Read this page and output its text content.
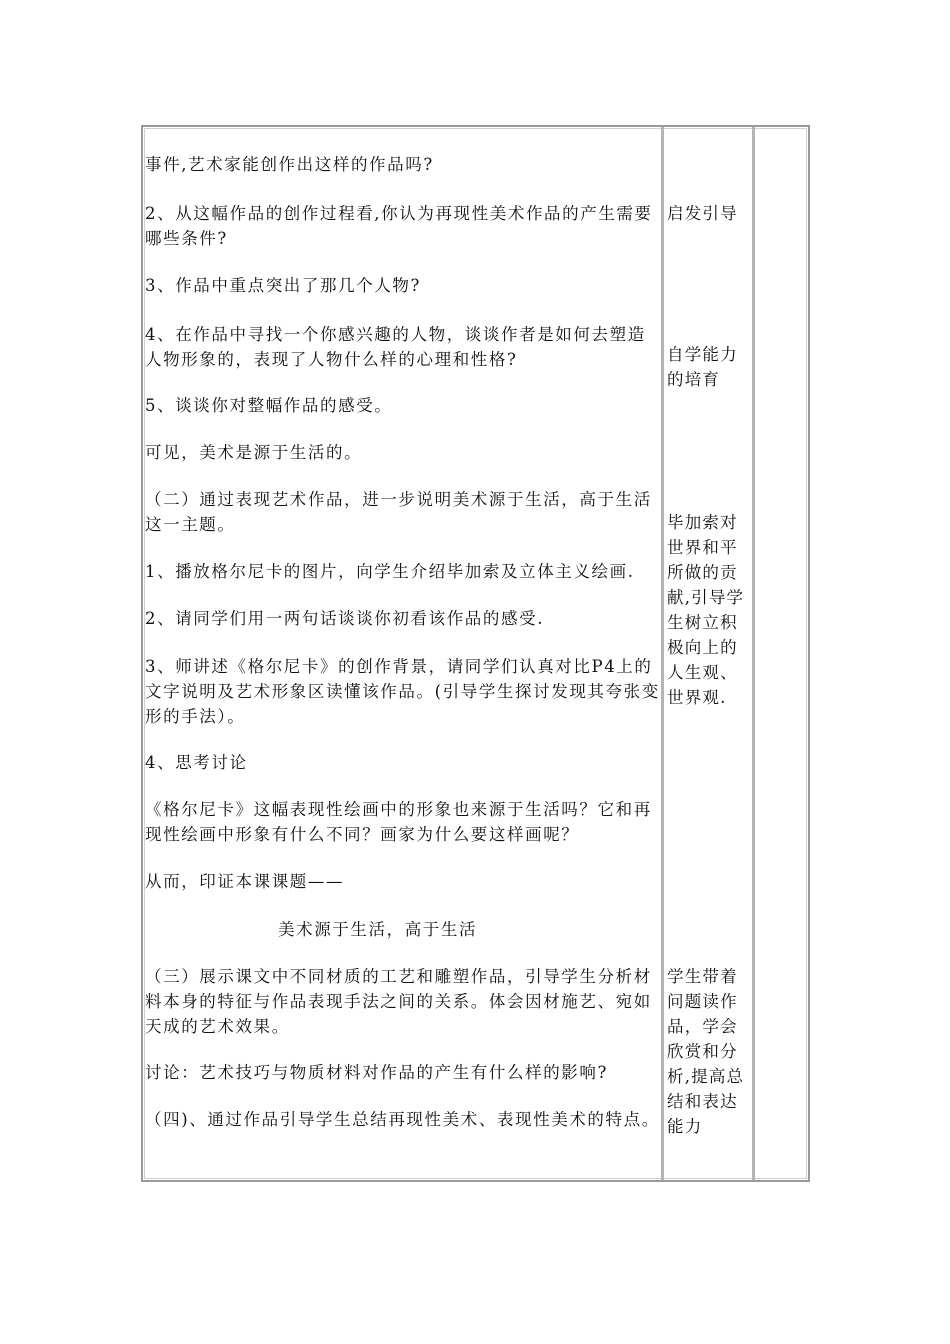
事件,艺术家能创作出这样的作品吗?

2、从这幅作品的创作过程看,你认为再现性美术作品的产生需要哪些条件?

3、作品中重点突出了那几个人物?

4、在作品中寻找一个你感兴趣的人物，谈谈作者是如何去塑造人物形象的，表现了人物什么样的心理和性格?

5、谈谈你对整幅作品的感受。

可见，美术是源于生活的。

（二）通过表现艺术作品，进一步说明美术源于生活，高于生活这一主题。

1、播放格尔尼卡的图片，向学生介绍毕加索及立体主义绘画.

2、请同学们用一两句话谈谈你初看该作品的感受.

3、师讲述《格尔尼卡》的创作背景，请同学们认真对比P4上的文字说明及艺术形象区读懂该作品。(引导学生探讨发现其夸张变形的手法）。

4、思考讨论

《格尔尼卡》这幅表现性绘画中的形象也来源于生活吗？它和再现性绘画中形象有什么不同？画家为什么要这样画呢？

从而，印证本课课题——

美术源于生活，高于生活

（三）展示课文中不同材质的工艺和雕塑作品，引导学生分析材料本身的特征与作品表现手法之间的关系。体会因材施艺、宛如天成的艺术效果。

讨论：艺术技巧与物质材料对作品的产生有什么样的影响?

（四)、通过作品引导学生总结再现性美术、表现性美术的特点。

启发引导

自学能力的培育

毕加索对世界和平所做的贡献,引导学生树立积极向上的人生观、世界观.

学生带着问题读作品，学会欣赏和分析,提高总结和表达能力
